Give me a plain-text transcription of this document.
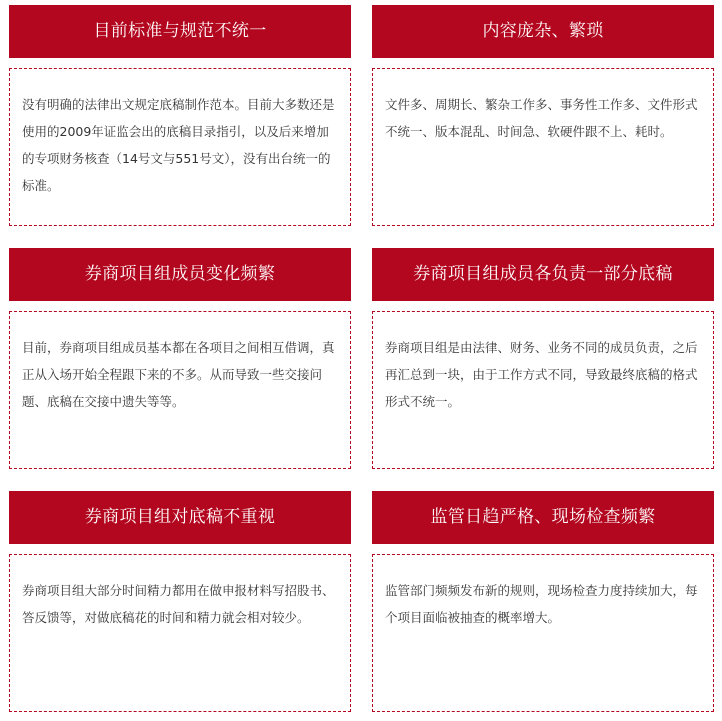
目前标准与规范不统一
没有明确的法律出文规定底稿制作范本。目前大多数还是使用的2009年证监会出的底稿目录指引，以及后来增加的专项财务核查（14号文与551号文），没有出台统一的标准。
内容庞杂、繁琐
文件多、周期长、繁杂工作多、事务性工作多、文件形式不统一、版本混乱、时间急、软硬件跟不上、耗时。
券商项目组成员变化频繁
目前，券商项目组成员基本都在各项目之间相互借调，真正从入场开始全程跟下来的不多。从而导致一些交接问题、底稿在交接中遗失等等。
券商项目组成员各负责一部分底稿
券商项目组是由法律、财务、业务不同的成员负责，之后再汇总到一块，由于工作方式不同，导致最终底稿的格式形式不统一。
券商项目组对底稿不重视
券商项目组大部分时间精力都用在做申报材料写招股书、答反馈等，对做底稿花的时间和精力就会相对较少。
监管日趋严格、现场检查频繁
监管部门频频发布新的规则，现场检查力度持续加大，每个项目面临被抽查的概率增大。
